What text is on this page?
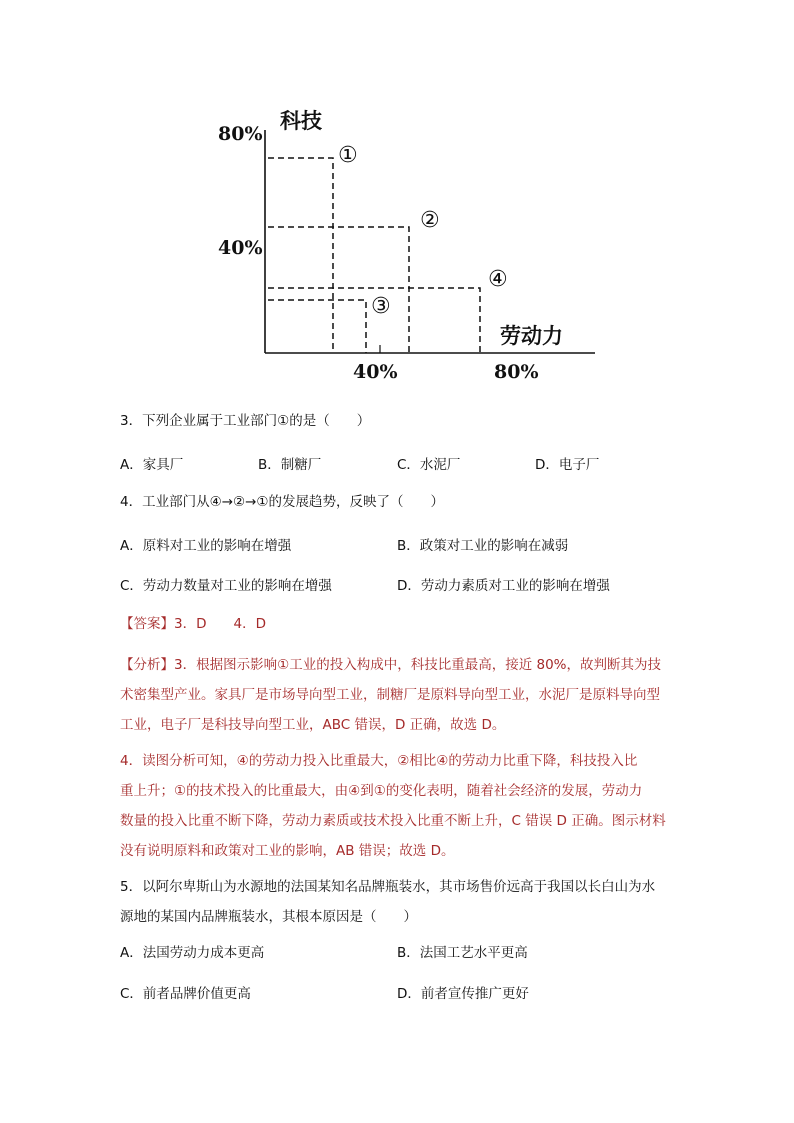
科技
劳动力
80%
40%
40%	80%
①
②
③
④
3．下列企业属于工业部门①的是（　　）
A．家具厂	B．制糖厂	C．水泥厂	D．电子厂
4．工业部门从④→②→①的发展趋势，反映了（　　）
A．原料对工业的影响在增强	B．政策对工业的影响在减弱
C．劳动力数量对工业的影响在增强	D．劳动力素质对工业的影响在增强
【答案】3．D　　4．D
【分析】3．根据图示影响①工业的投入构成中，科技比重最高，接近 80%，故判断其为技
术密集型产业。家具厂是市场导向型工业，制糖厂是原料导向型工业，水泥厂是原料导向型
工业，电子厂是科技导向型工业，ABC 错误，D 正确，故选 D。
4．读图分析可知，④的劳动力投入比重最大，②相比④的劳动力比重下降，科技投入比
重上升；①的技术投入的比重最大，由④到①的变化表明，随着社会经济的发展，劳动力
数量的投入比重不断下降，劳动力素质或技术投入比重不断上升，C 错误 D 正确。图示材料
没有说明原料和政策对工业的影响，AB 错误；故选 D。
5．以阿尔卑斯山为水源地的法国某知名品牌瓶装水，其市场售价远高于我国以长白山为水
源地的某国内品牌瓶装水，其根本原因是（　　）
A．法国劳动力成本更高	B．法国工艺水平更高
C．前者品牌价值更高	D．前者宣传推广更好
